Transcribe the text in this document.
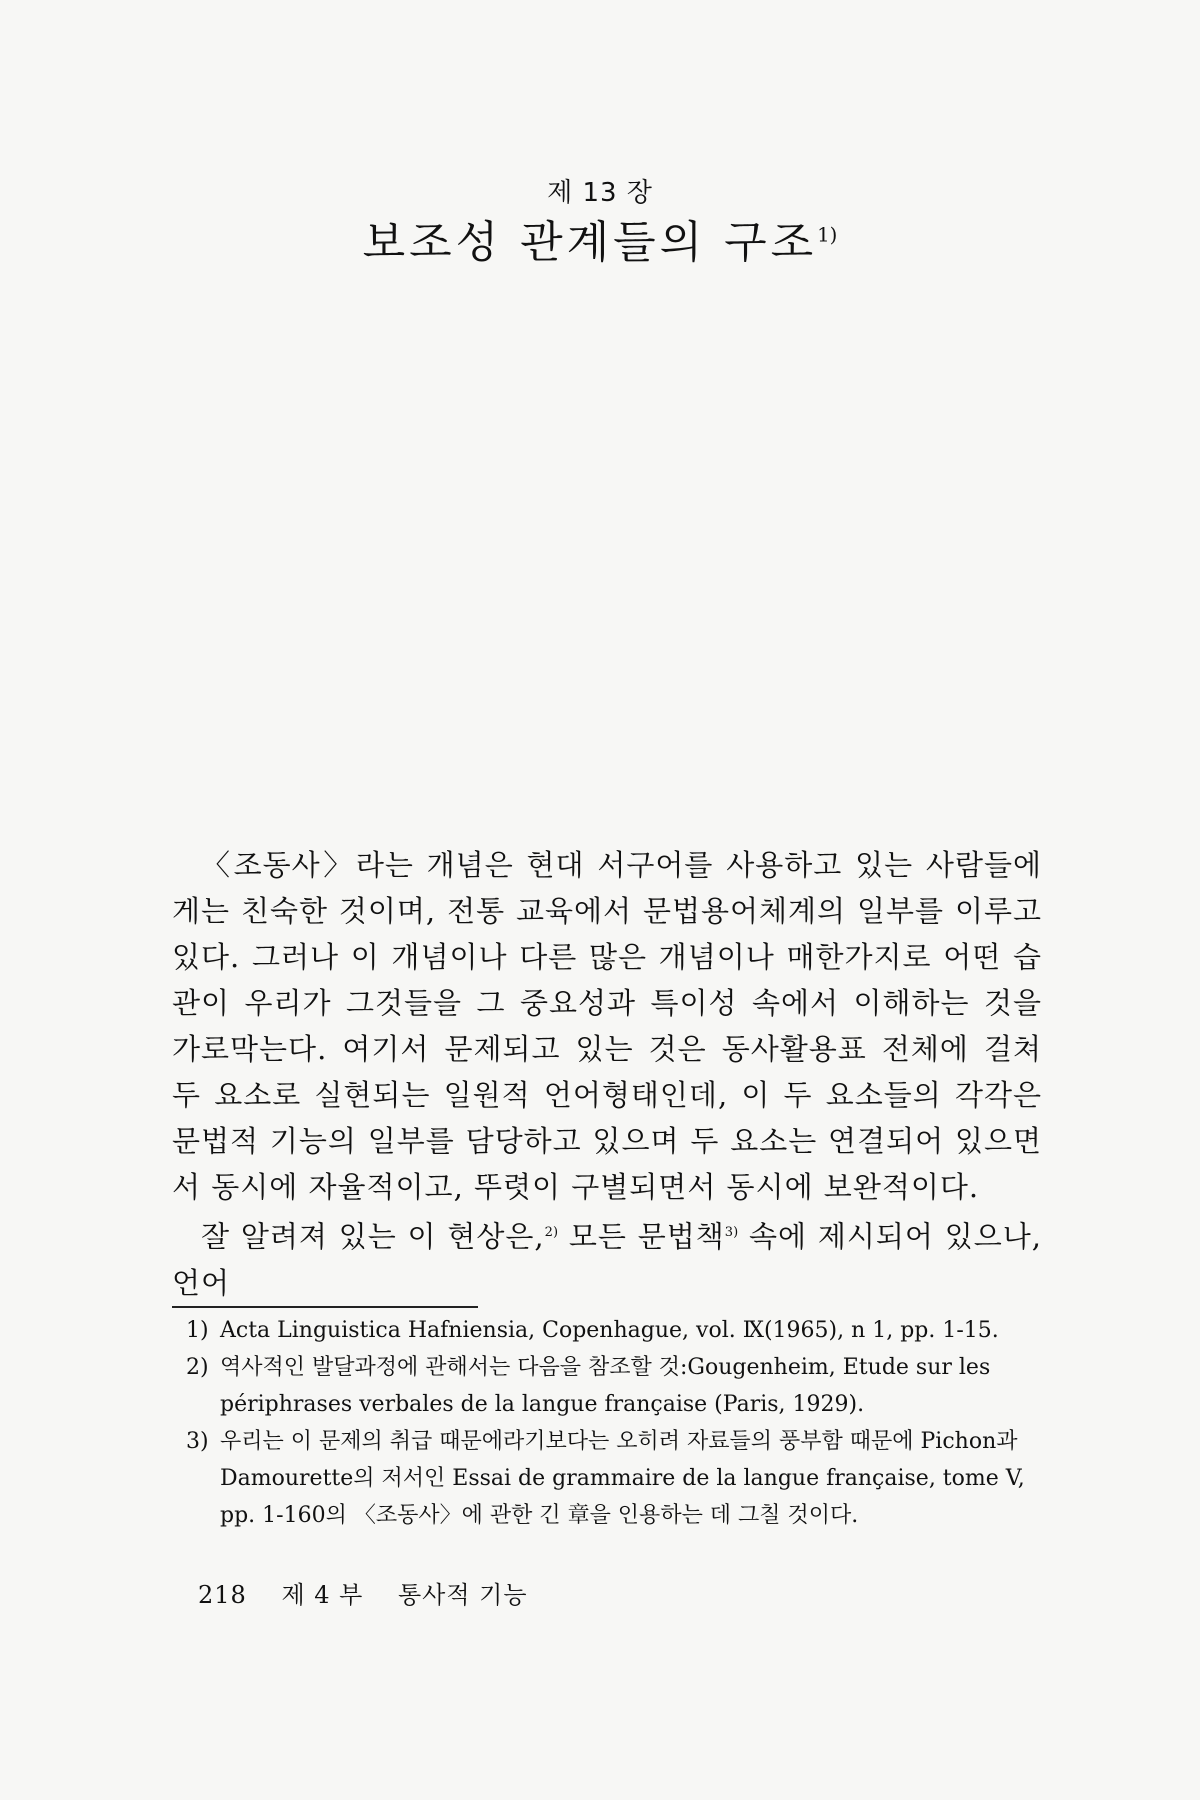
제 13 장
보조성 관계들의 구조$^{1)}$

〈조동사〉라는 개념은 현대 서구어를 사용하고 있는 사람들에게는 친숙한 것이며, 전통 교육에서 문법용어체계의 일부를 이루고 있다. 그러나 이 개념이나 다른 많은 개념이나 매한가지로 어떤 습관이 우리가 그것들을 그 중요성과 특이성 속에서 이해하는 것을 가로막는다. 여기서 문제되고 있는 것은 동사활용표 전체에 걸쳐 두 요소로 실현되는 일원적 언어형태인데, 이 두 요소들의 각각은 문법적 기능의 일부를 담당하고 있으며 두 요소는 연결되어 있으면서 동시에 자율적이고, 뚜렷이 구별되면서 동시에 보완적이다.

잘 알려져 있는 이 현상은,$^{2)}$ 모든 문법책$^{3)}$ 속에 제시되어 있으나, 언어

1) Acta Linguistica Hafniensia, Copenhague, vol. Ⅸ(1965), n 1, pp. 1-15.
2) 역사적인 발달과정에 관해서는 다음을 참조할 것:Gougenheim, Etude sur les périphrases verbales de la langue française (Paris, 1929).
3) 우리는 이 문제의 취급 때문에라기보다는 오히려 자료들의 풍부함 때문에 Pichon과 Damourette의 저서인 Essai de grammaire de la langue française, tome V, pp. 1-160의 〈조동사〉에 관한 긴 章을 인용하는 데 그칠 것이다.
218 제 4 부 통사적 기능
